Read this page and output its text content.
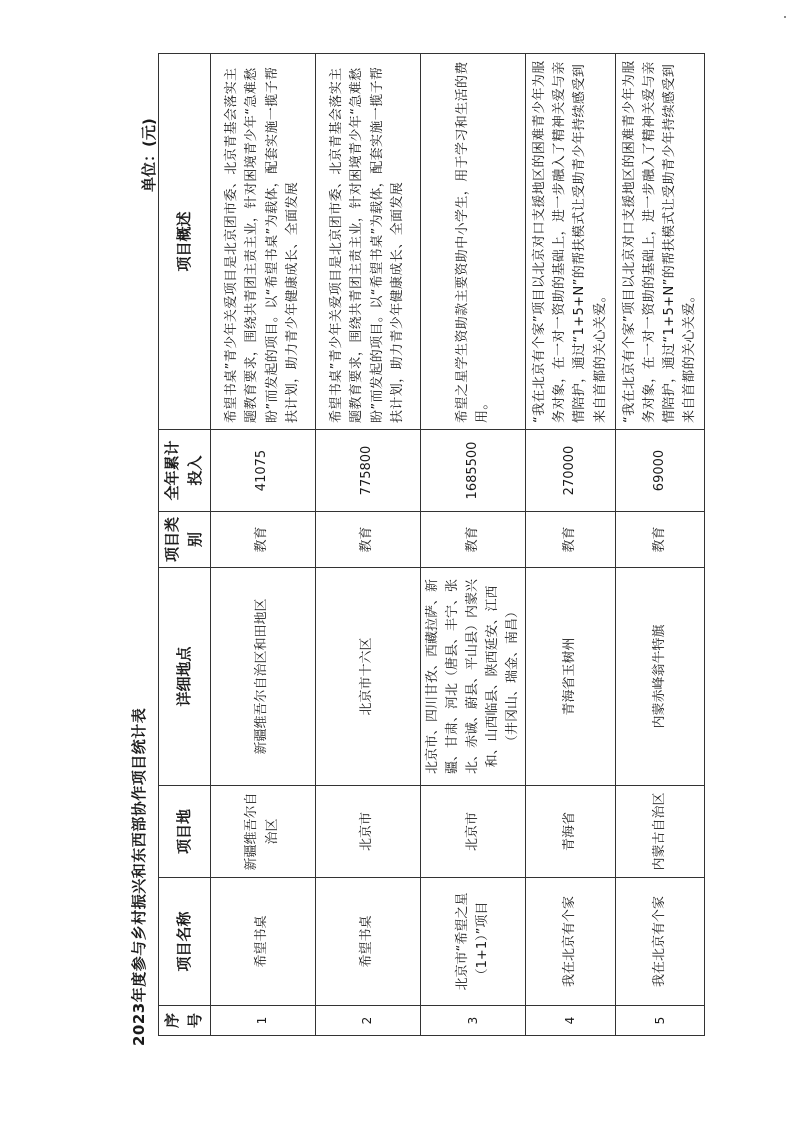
2023年度参与乡村振兴和东西部协作项目统计表
单位：(元)
序号	项目名称	项目地	详细地点	项目类别	全年累计投入	项目概述
1	希望书桌	新疆维吾尔自治区	新疆维吾尔自治区和田地区	教育	41075	希望书桌”青少年关爱项目是北京团市委、北京青基会落实主题教育要求，围绕共青团主责主业，针对困境青少年“急难愁盼”而发起的项目。以“希望书桌”为载体，配套实施一揽子帮扶计划，助力青少年健康成长、全面发展
2	希望书桌	北京市	北京市十六区	教育	775800	希望书桌”青少年关爱项目是北京团市委、北京青基会落实主题教育要求，围绕共青团主责主业，针对困境青少年“急难愁盼”而发起的项目。以“希望书桌”为载体，配套实施一揽子帮扶计划，助力青少年健康成长、全面发展
3	北京市“希望之星（1+1）”项目	北京市	北京市、四川甘孜、西藏拉萨、新疆、甘肃、河北（唐县、丰宁、张北、赤诚、蔚县、平山县）内蒙兴和、山西临县、陕西延安、江西（井冈山、瑞金、南昌）	教育	1685500	希望之星学生资助款主要资助中小学生，用于学习和生活的费用。
4	我在北京有个家	青海省	青海省玉树州	教育	270000	“我在北京有个家”项目以北京对口支援地区的困难青少年为服务对象，在一对一资助的基础上，进一步融入了精神关爱与亲情陪护，通过“1+5+N”的帮扶模式让受助青少年持续感受到来自首都的关心关爱。
5	我在北京有个家	内蒙古自治区	内蒙赤峰翁牛特旗	教育	69000	“我在北京有个家”项目以北京对口支援地区的困难青少年为服务对象，在一对一资助的基础上，进一步融入了精神关爱与亲情陪护，通过“1+5+N”的帮扶模式让受助青少年持续感受到来自首都的关心关爱。
